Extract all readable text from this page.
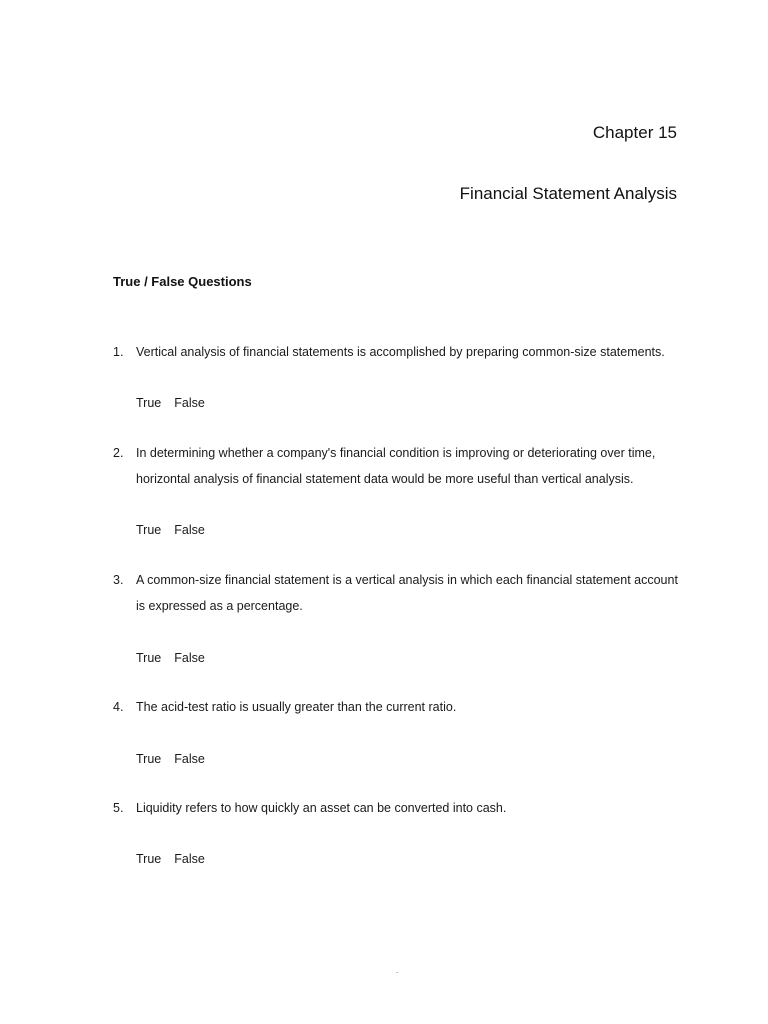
Chapter 15
Financial Statement Analysis
True / False Questions
1. Vertical analysis of financial statements is accomplished by preparing common-size statements.
True False
2. In determining whether a company's financial condition is improving or deteriorating over time, horizontal analysis of financial statement data would be more useful than vertical analysis.
True False
3. A common-size financial statement is a vertical analysis in which each financial statement account is expressed as a percentage.
True False
4. The acid-test ratio is usually greater than the current ratio.
True False
5. Liquidity refers to how quickly an asset can be converted into cash.
True False
.
